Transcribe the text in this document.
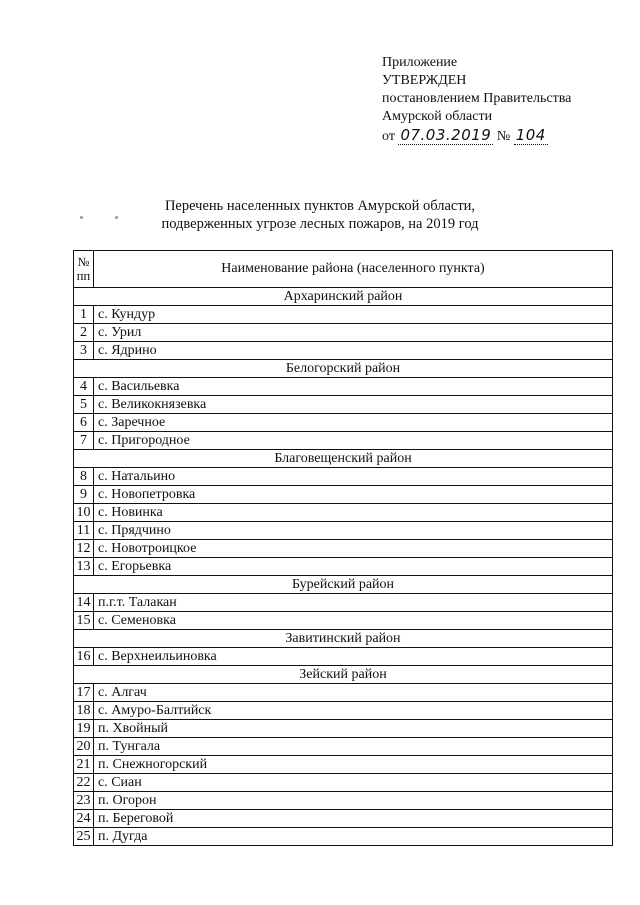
Приложение
УТВЕРЖДЕН
постановлением Правительства
Амурской области
от 07.03.2019 № 104
Перечень населенных пунктов Амурской области,
подверженных угрозе лесных пожаров, на 2019 год
№ пп	Наименование района (населенного пункта)
Архаринский район	
1	с. Кундур
2	с. Урил
3	с. Ядрино
Белогорский район	
4	с. Васильевка
5	с. Великокнязевка
6	с. Заречное
7	с. Пригородное
Благовещенский район	
8	с. Натальино
9	с. Новопетровка
10	с. Новинка
11	с. Прядчино
12	с. Новотроицкое
13	с. Егорьевка
Бурейский район	
14	п.г.т. Талакан
15	с. Семеновка
Завитинский район	
16	с. Верхнеильиновка
Зейский район	
17	с. Алгач
18	с. Амуро-Балтийск
19	п. Хвойный
20	п. Тунгала
21	п. Снежногорский
22	с. Сиан
23	п. Огорон
24	п. Береговой
25	п. Дугда
